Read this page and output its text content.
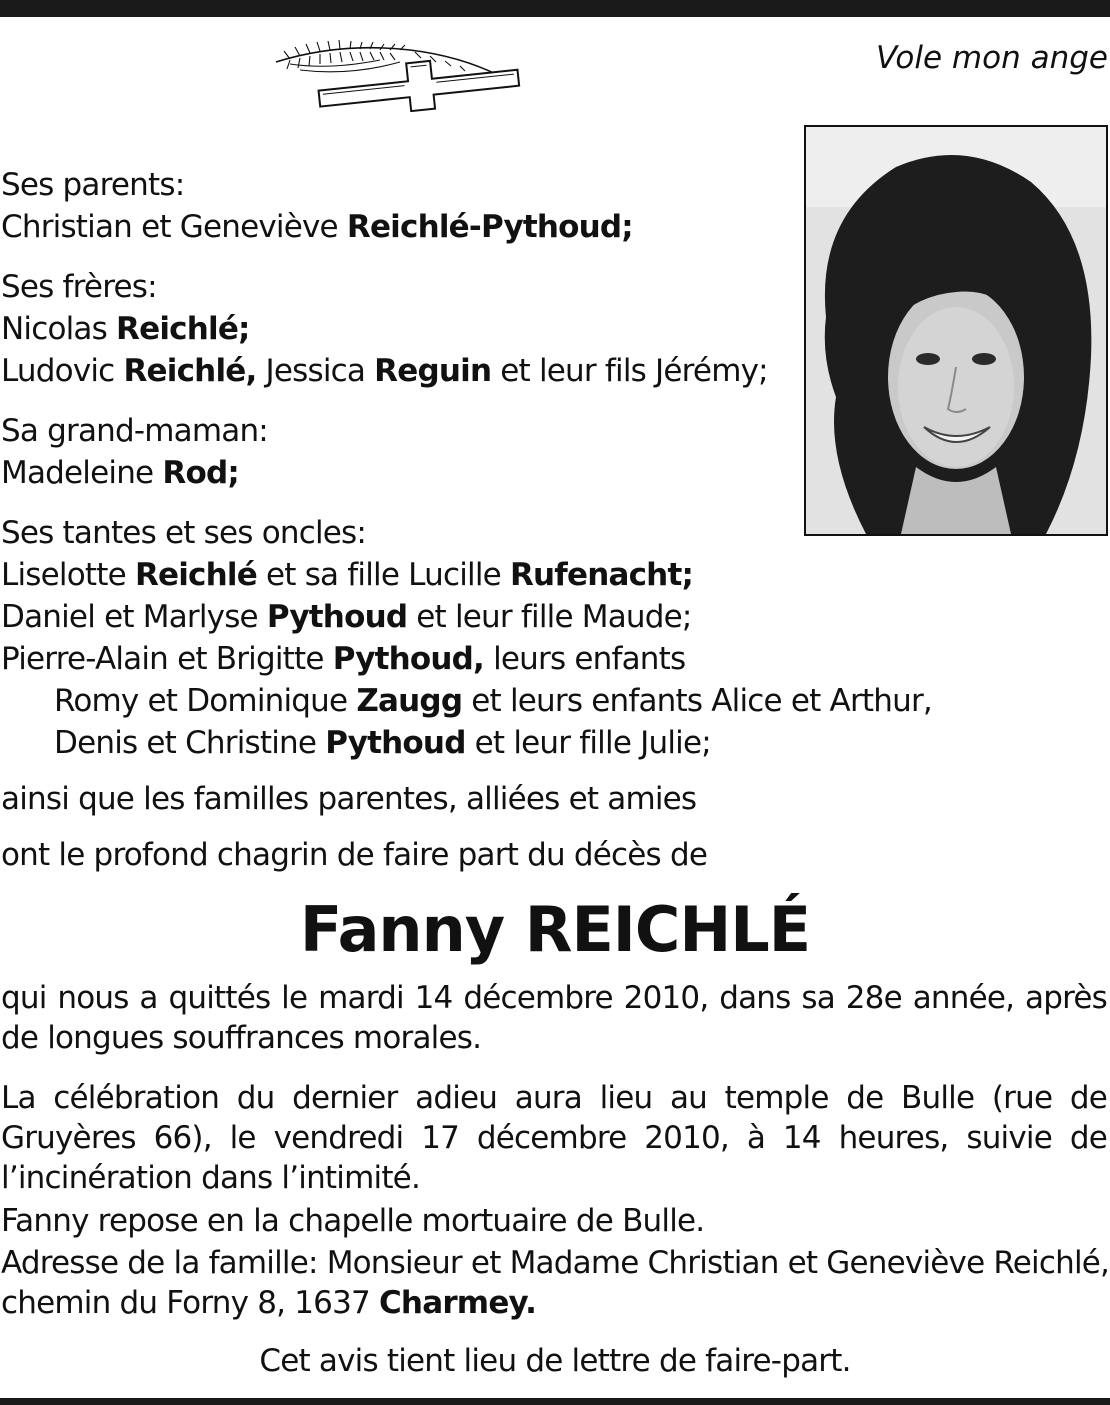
Vole mon ange
Ses parents:
Christian et Geneviève Reichlé-Pythoud;
Ses frères:
Nicolas Reichlé;
Ludovic Reichlé, Jessica Reguin et leur fils Jérémy;
Sa grand-maman:
Madeleine Rod;
Ses tantes et ses oncles:
Liselotte Reichlé et sa fille Lucille Rufenacht;
Daniel et Marlyse Pythoud et leur fille Maude;
Pierre-Alain et Brigitte Pythoud, leurs enfants
Romy et Dominique Zaugg et leurs enfants Alice et Arthur,
Denis et Christine Pythoud et leur fille Julie;
ainsi que les familles parentes, alliées et amies
ont le profond chagrin de faire part du décès de
Fanny REICHLÉ
qui nous a quittés le mardi 14 décembre 2010, dans sa 28e année, après de longues souffrances morales.
La célébration du dernier adieu aura lieu au temple de Bulle (rue de Gruyères 66), le vendredi 17 décembre 2010, à 14 heures, suivie de l’incinération dans l’intimité.
Fanny repose en la chapelle mortuaire de Bulle.
Adresse de la famille: Monsieur et Madame Christian et Geneviève Reichlé,
chemin du Forny 8, 1637 Charmey.
Cet avis tient lieu de lettre de faire-part.
